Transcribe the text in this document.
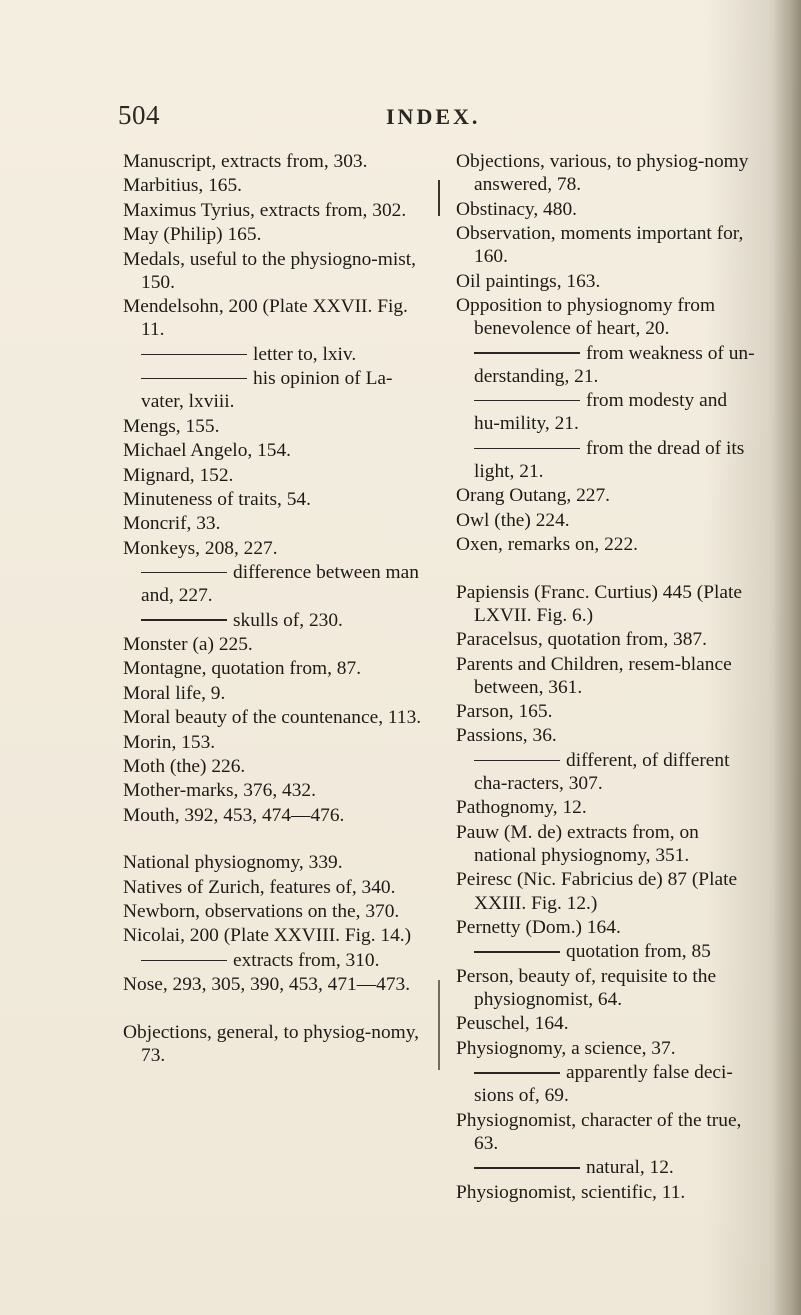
504	INDEX.
Manuscript, extracts from, 303.
Marbitius, 165.
Maximus Tyrius, extracts from, 302.
May (Philip) 165.
Medals, useful to the physiogno-mist, 150.
Mendelsohn, 200 (Plate XXVII. Fig. 11.
letter to, lxiv.
his opinion of La-vater, lxviii.
Mengs, 155.
Michael Angelo, 154.
Mignard, 152.
Minuteness of traits, 54.
Moncrif, 33.
Monkeys, 208, 227.
difference between man and, 227.
skulls of, 230.
Monster (a) 225.
Montagne, quotation from, 87.
Moral life, 9.
Moral beauty of the countenance, 113.
Morin, 153.
Moth (the) 226.
Mother-marks, 376, 432.
Mouth, 392, 453, 474—476.
National physiognomy, 339.
Natives of Zurich, features of, 340.
Newborn, observations on the, 370.
Nicolai, 200 (Plate XXVIII. Fig. 14.)
extracts from, 310.
Nose, 293, 305, 390, 453, 471—473.
Objections, general, to physiog-nomy, 73.
Objections, various, to physiog-nomy answered, 78.
Obstinacy, 480.
Observation, moments important for, 160.
Oil paintings, 163.
Opposition to physiognomy from benevolence of heart, 20.
from weakness of un-derstanding, 21.
from modesty and hu-mility, 21.
from the dread of its light, 21.
Orang Outang, 227.
Owl (the) 224.
Oxen, remarks on, 222.
Papiensis (Franc. Curtius) 445 (Plate LXVII. Fig. 6.)
Paracelsus, quotation from, 387.
Parents and Children, resem-blance between, 361.
Parson, 165.
Passions, 36.
different, of different cha-racters, 307.
Pathognomy, 12.
Pauw (M. de) extracts from, on national physiognomy, 351.
Peiresc (Nic. Fabricius de) 87 (Plate XXIII. Fig. 12.)
Pernetty (Dom.) 164.
quotation from, 85
Person, beauty of, requisite to the physiognomist, 64.
Peuschel, 164.
Physiognomy, a science, 37.
apparently false deci-sions of, 69.
Physiognomist, character of the true, 63.
natural, 12.
Physiognomist, scientific, 11.
